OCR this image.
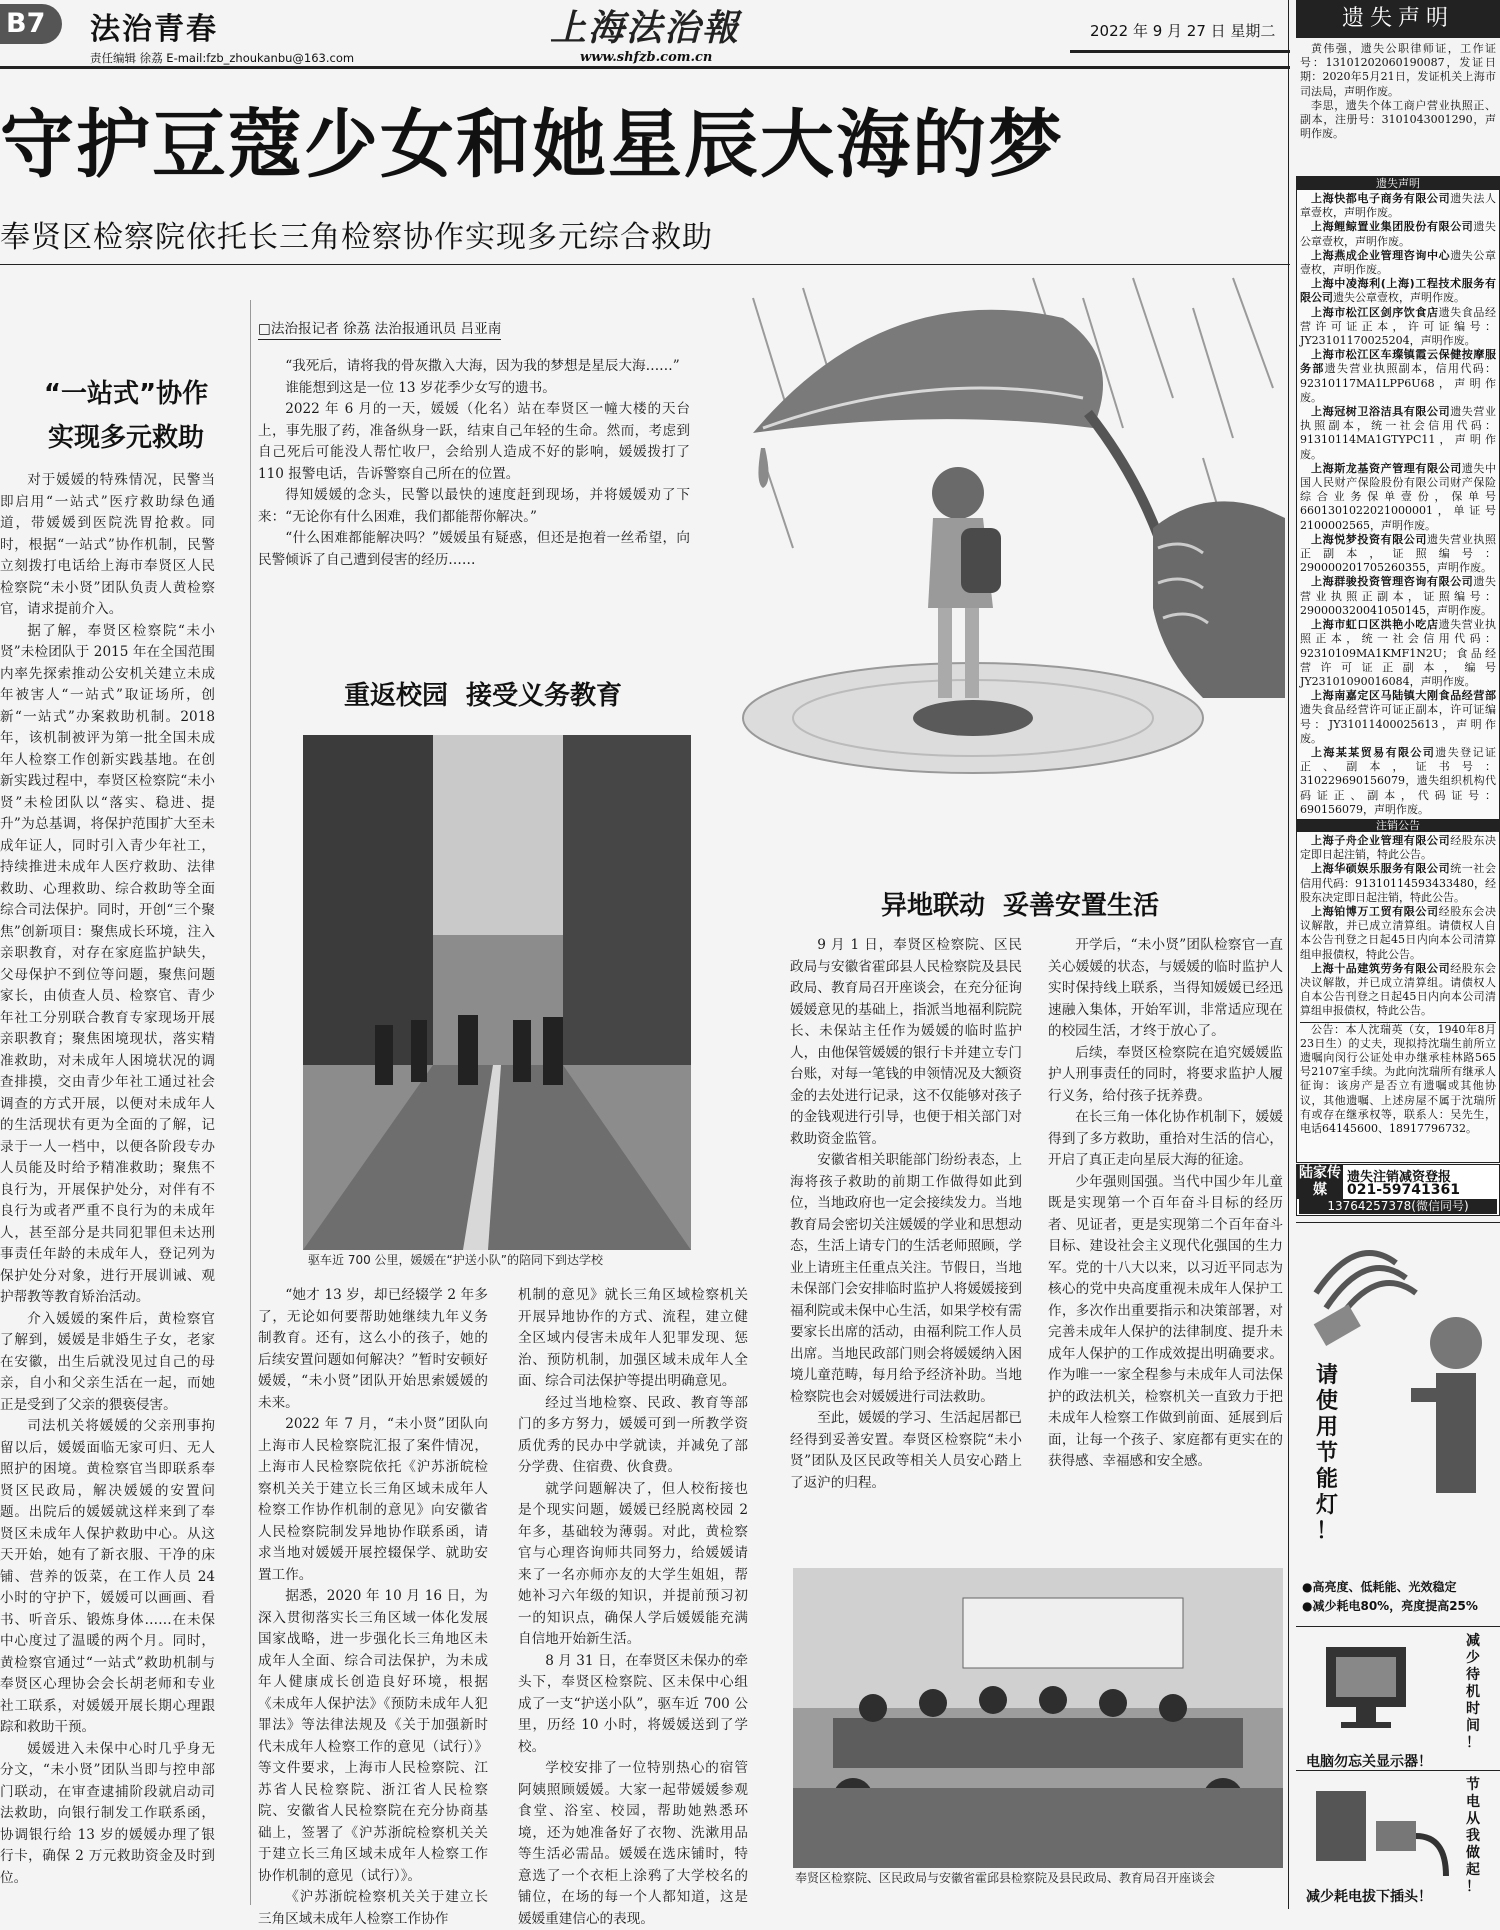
B7 法治青春
责任编辑 徐荔 E-mail:fzb_zhoukanbu@163.com
上海法治報
www.shfzb.com.cn
2022 年 9 月 27 日 星期二
守护豆蔻少女和她星辰大海的梦
奉贤区检察院依托长三角检察协作实现多元综合救助
“一站式”协作
实现多元救助

对于媛媛的特殊情况，民警当即启用“一站式”医疗救助绿色通道，带媛媛到医院洗胃抢救。同时，根据“一站式”协作机制，民警立刻拨打电话给上海市奉贤区人民检察院“未小贤”团队负责人黄检察官，请求提前介入。

据了解，奉贤区检察院“未小贤”未检团队于 2015 年在全国范围内率先探索推动公安机关建立未成年被害人“一站式”取证场所，创新“一站式”办案救助机制。2018 年，该机制被评为第一批全国未成年人检察工作创新实践基地。在创新实践过程中，奉贤区检察院“未小贤”未检团队以“落实、稳进、提升”为总基调，将保护范围扩大至未成年证人，同时引入青少年社工，持续推进未成年人医疗救助、法律救助、心理救助、综合救助等全面综合司法保护。同时，开创“三个聚焦”创新项目：聚焦成长环境，注入亲职教育，对存在家庭监护缺失，父母保护不到位等问题，聚焦问题家长，由侦查人员、检察官、青少年社工分别联合教育专家现场开展亲职教育；聚焦困境现状，落实精准救助，对未成年人困境状况的调查排摸，交由青少年社工通过社会调查的方式开展，以便对未成年人的生活现状有更为全面的了解，记录于一人一档中，以便各阶段专办人员能及时给予精准救助；聚焦不良行为，开展保护处分，对伴有不良行为或者严重不良行为的未成年人，甚至部分是共同犯罪但未达刑事责任年龄的未成年人，登记列为保护处分对象，进行开展训诫、观护帮教等教育矫治活动。

介入媛媛的案件后，黄检察官了解到，媛媛是非婚生子女，老家在安徽，出生后就没见过自己的母亲，自小和父亲生活在一起，而她正是受到了父亲的猥亵侵害。

司法机关将媛媛的父亲刑事拘留以后，媛媛面临无家可归、无人照护的困境。黄检察官当即联系奉贤区民政局，解决媛媛的安置问题。出院后的媛媛就这样来到了奉贤区未成年人保护救助中心。从这天开始，她有了新衣服、干净的床铺、营养的饭菜，在工作人员 24 小时的守护下，媛媛可以画画、看书、听音乐、锻炼身体……在未保中心度过了温暖的两个月。同时，黄检察官通过“一站式”救助机制与奉贤区心理协会会长胡老师和专业社工联系，对媛媛开展长期心理跟踪和救助干预。

媛媛进入未保中心时几乎身无分文，“未小贤”团队当即与控申部门联动，在审查逮捕阶段就启动司法救助，向银行制发工作联系函，协调银行给 13 岁的媛媛办理了银行卡，确保 2 万元救助资金及时到位。

□法治报记者 徐荔 法治报通讯员 吕亚南

“我死后，请将我的骨灰撒入大海，因为我的梦想是星辰大海……”

谁能想到这是一位 13 岁花季少女写的遗书。

2022 年 6 月的一天，媛媛（化名）站在奉贤区一幢大楼的天台上，事先服了药，准备纵身一跃，结束自己年轻的生命。然而，考虑到自己死后可能没人帮忙收尸，会给别人造成不好的影响，媛媛拨打了 110 报警电话，告诉警察自己所在的位置。

得知媛媛的念头，民警以最快的速度赶到现场，并将媛媛劝了下来：“无论你有什么困难，我们都能帮你解决。”

“什么困难都能解决吗？”媛媛虽有疑惑，但还是抱着一丝希望，向民警倾诉了自己遭到侵害的经历……

重返校园  接受义务教育
驱车近 700 公里，媛媛在“护送小队”的陪同下到达学校

“她才 13 岁，却已经辍学 2 年多了，无论如何要帮助她继续九年义务制教育。还有，这么小的孩子，她的后续安置问题如何解决？”暂时安顿好媛媛，“未小贤”团队开始思索媛媛的未来。

2022 年 7 月，“未小贤”团队向上海市人民检察院汇报了案件情况，上海市人民检察院依托《沪苏浙皖检察机关关于建立长三角区域未成年人检察工作协作机制的意见》向安徽省人民检察院制发异地协作联系函，请求当地对媛媛开展控辍保学、就助安置工作。

据悉，2020 年 10 月 16 日，为深入贯彻落实长三角区域一体化发展国家战略，进一步强化长三角地区未成年人全面、综合司法保护，为未成年人健康成长创造良好环境，根据《未成年人保护法》《预防未成年人犯罪法》等法律法规及《关于加强新时代未成年人检察工作的意见（试行）》等文件要求，上海市人民检察院、江苏省人民检察院、浙江省人民检察院、安徽省人民检察院在充分协商基础上，签署了《沪苏浙皖检察机关关于建立长三角区域未成年人检察工作协作机制的意见（试行）》。

《沪苏浙皖检察机关关于建立长三角区域未成年人检察工作协作

机制的意见》就长三角区域检察机关开展异地协作的方式、流程，建立健全区域内侵害未成年人犯罪发现、惩治、预防机制，加强区域未成年人全面、综合司法保护等提出明确意见。

经过当地检察、民政、教育等部门的多方努力，媛媛可到一所教学资质优秀的民办中学就读，并减免了部分学费、住宿费、伙食费。

就学问题解决了，但人校衔接也是个现实问题，媛媛已经脱离校园 2 年多，基础较为薄弱。对此，黄检察官与心理咨询师共同努力，给媛媛请来了一名亦师亦友的大学生姐姐，帮她补习六年级的知识，并提前预习初一的知识点，确保人学后媛媛能充满自信地开始新生活。

8 月 31 日，在奉贤区未保办的牵头下，奉贤区检察院、区未保中心组成了一支“护送小队”，驱车近 700 公里，历经 10 小时，将媛媛送到了学校。

学校安排了一位特别热心的宿管阿姨照顾媛媛。大家一起带媛媛参观食堂、浴室、校园，帮助她熟悉环境，还为她准备好了衣物、洗漱用品等生活必需品。媛媛在选床铺时，特意选了一个衣柜上涂鸦了大学校名的铺位，在场的每一个人都知道，这是媛媛重建信心的表现。

异地联动  妥善安置生活

9 月 1 日，奉贤区检察院、区民政局与安徽省霍邱县人民检察院及县民政局、教育局召开座谈会，在充分征询媛媛意见的基础上，指派当地福利院院长、未保站主任作为媛媛的临时监护人，由他保管媛媛的银行卡并建立专门台账，对每一笔钱的申领情况及大额资金的去处进行记录，这不仅能够对孩子的金钱观进行引导，也便于相关部门对救助资金监管。

安徽省相关职能部门纷纷表态，上海将孩子救助的前期工作做得如此到位，当地政府也一定会接续发力。当地教育局会密切关注媛媛的学业和思想动态，生活上请专门的生活老师照顾，学业上请班主任重点关注。节假日，当地未保部门会安排临时监护人将媛媛接到福利院或未保中心生活，如果学校有需要家长出席的活动，由福利院工作人员出席。当地民政部门则会将媛媛纳入困境儿童范畴，每月给予经济补助。当地检察院也会对媛媛进行司法救助。

至此，媛媛的学习、生活起居都已经得到妥善安置。奉贤区检察院“未小贤”团队及区民政等相关人员安心踏上了返沪的归程。

开学后，“未小贤”团队检察官一直关心媛媛的状态，与媛媛的临时监护人实时保持线上联系，当得知媛媛已经迅速融入集体，开始军训，非常适应现在的校园生活，才终于放心了。

后续，奉贤区检察院在追究媛媛监护人刑事责任的同时，将要求监护人履行义务，给付孩子抚养费。

在长三角一体化协作机制下，媛媛得到了多方救助，重拾对生活的信心，开启了真正走向星辰大海的征途。

少年强则国强。当代中国少年儿童既是实现第一个百年奋斗目标的经历者、见证者，更是实现第二个百年奋斗目标、建设社会主义现代化强国的生力军。党的十八大以来，以习近平同志为核心的党中央高度重视未成年人保护工作，多次作出重要指示和决策部署，对完善未成年人保护的法律制度、提升未成年人保护的工作成效提出明确要求。作为唯一一家全程参与未成年人司法保护的政法机关，检察机关一直致力于把未成年人检察工作做到前面、延展到后面，让每一个孩子、家庭都有更实在的获得感、幸福感和安全感。

奉贤区检察院、区民政局与安徽省霍邱县检察院及县民政局、教育局召开座谈会
遗失声明

黄伟强，遗失公职律师证，工作证号：13101202060190087，发证日期：2020年5月21日，发证机关上海市司法局，声明作废。

李思，遗失个体工商户营业执照正、副本，注册号：3101043001290，声明作废。

遗失声明

上海快都电子商务有限公司遗失法人章壹枚，声明作废。

上海鲤鲸置业集团股份有限公司遗失公章壹枚，声明作废。

上海燕成企业管理咨询中心遗失公章壹枚，声明作废。

上海中凌海利(上海)工程技术服务有限公司遗失公章壹枚，声明作废。

上海市松江区剑序饮食店遗失食品经营许可证正本，许可证编号：JY23101170025204，声明作废。

上海市松江区车璨镇霞云保健按摩服务部遗失营业执照副本，信用代码：92310117MA1LPP6U68，声明作废。

上海冠树卫浴洁具有限公司遗失营业执照副本，统一社会信用代码：91310114MA1GTYPC11，声明作废。

上海斯龙基资产管理有限公司遗失中国人民财产保险股份有限公司财产保险综合业务保单壹份，保单号6601301022021000001，单证号2100002565，声明作废。

上海悦梦投资有限公司遗失营业执照正副本，证照编号：290000201705260355，声明作废。

上海群骏投资管理咨询有限公司遗失营业执照正副本，证照编号：290000320041050145，声明作废。

上海市虹口区洪艳小吃店遗失营业执照正本，统一社会信用代码：92310109MA1KMF1N2U；食品经营许可证正副本，编号JY23101090016084，声明作废。

上海南嘉定区马陆镇大刚食品经营部遗失食品经营许可证正副本，许可证编号：JY31011400025613，声明作废。

上海某某贸易有限公司遗失登记证正、副本，证书号：310229690156079，遗失组织机构代码证正、副本，代码证号：690156079，声明作废。

注销公告

上海子舟企业管理有限公司经股东决定即日起注销，特此公告。

上海华硕娱乐服务有限公司统一社会信用代码：91310114593433480，经股东决定即日起注销，特此公告。

上海铂博万工贸有限公司经股东会决议解散，并已成立清算组。请债权人自本公告刊登之日起45日内向本公司清算组申报债权，特此公告。

上海十品建筑劳务有限公司经股东会决议解散，并已成立清算组。请债权人自本公告刊登之日起45日内向本公司清算组申报债权，特此公告。

公告：本人沈瑞英（女，1940年8月23日生）的丈夫，现拟持沈瑞生前所立遗嘱向闵行公证处申办继承桂林路565号2107室手续。为此向沈瑞所有继承人征询：该房产是否立有遗嘱或其他协议，其他遗嘱、上述房屋不属于沈瑞所有或存在继承权等，联系人：吴先生，电话64145600、18917796732。

陆家传媒
遗失注销减资登报
021-59741361
13764257378(微信同号)
请使用节能灯！
●高亮度、低耗能、光效稳定
●减少耗电80%，亮度提高25%
减少待机时间！
电脑勿忘关显示器！
节电从我做起！
减少耗电拔下插头！
